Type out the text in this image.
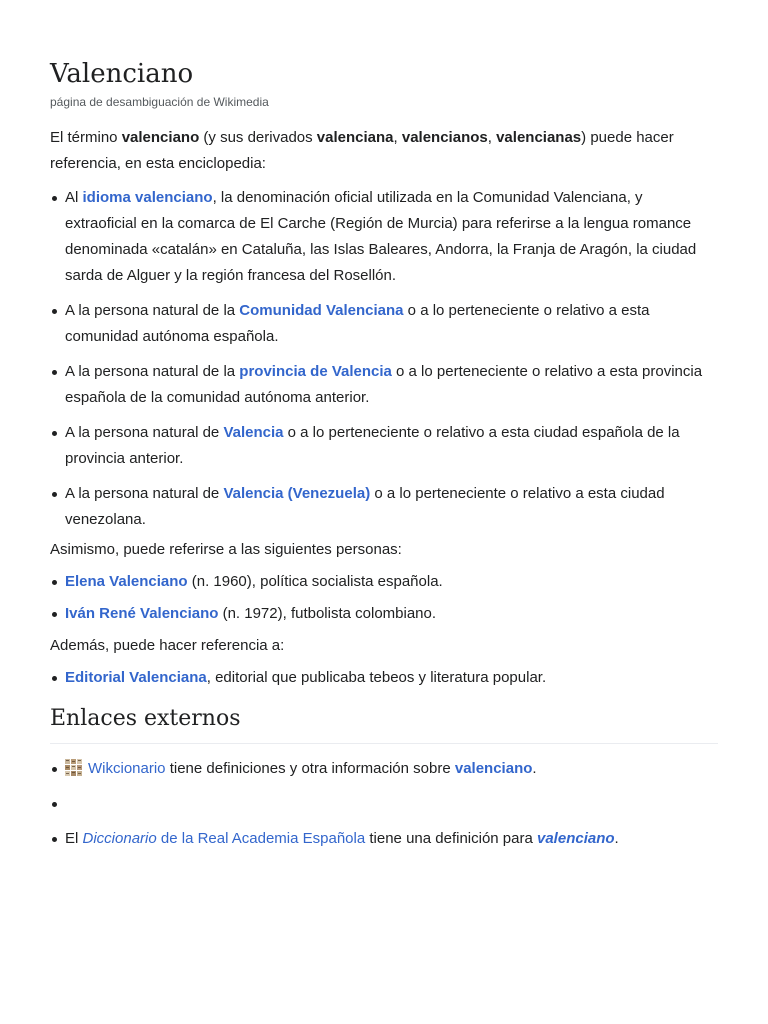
Valenciano
página de desambiguación de Wikimedia

El término valenciano (y sus derivados valenciana, valencianos, valencianas) puede hacer referencia, en esta enciclopedia:

Al idioma valenciano, la denominación oficial utilizada en la Comunidad Valenciana, y extraoficial en la comarca de El Carche (Región de Murcia) para referirse a la lengua romance denominada «catalán» en Cataluña, las Islas Baleares, Andorra, la Franja de Aragón, la ciudad sarda de Alguer y la región francesa del Rosellón.
A la persona natural de la Comunidad Valenciana o a lo perteneciente o relativo a esta comunidad autónoma española.
A la persona natural de la provincia de Valencia o a lo perteneciente o relativo a esta provincia española de la comunidad autónoma anterior.
A la persona natural de Valencia o a lo perteneciente o relativo a esta ciudad española de la provincia anterior.
A la persona natural de Valencia (Venezuela) o a lo perteneciente o relativo a esta ciudad venezolana.

Asimismo, puede referirse a las siguientes personas:

Elena Valenciano (n. 1960), política socialista española.
Iván René Valenciano (n. 1972), futbolista colombiano.

Además, puede hacer referencia a:

Editorial Valenciana, editorial que publicaba tebeos y literatura popular.
Enlaces externos
Wikcionario tiene definiciones y otra información sobre valenciano.
El Diccionario de la Real Academia Española tiene una definición para valenciano.
